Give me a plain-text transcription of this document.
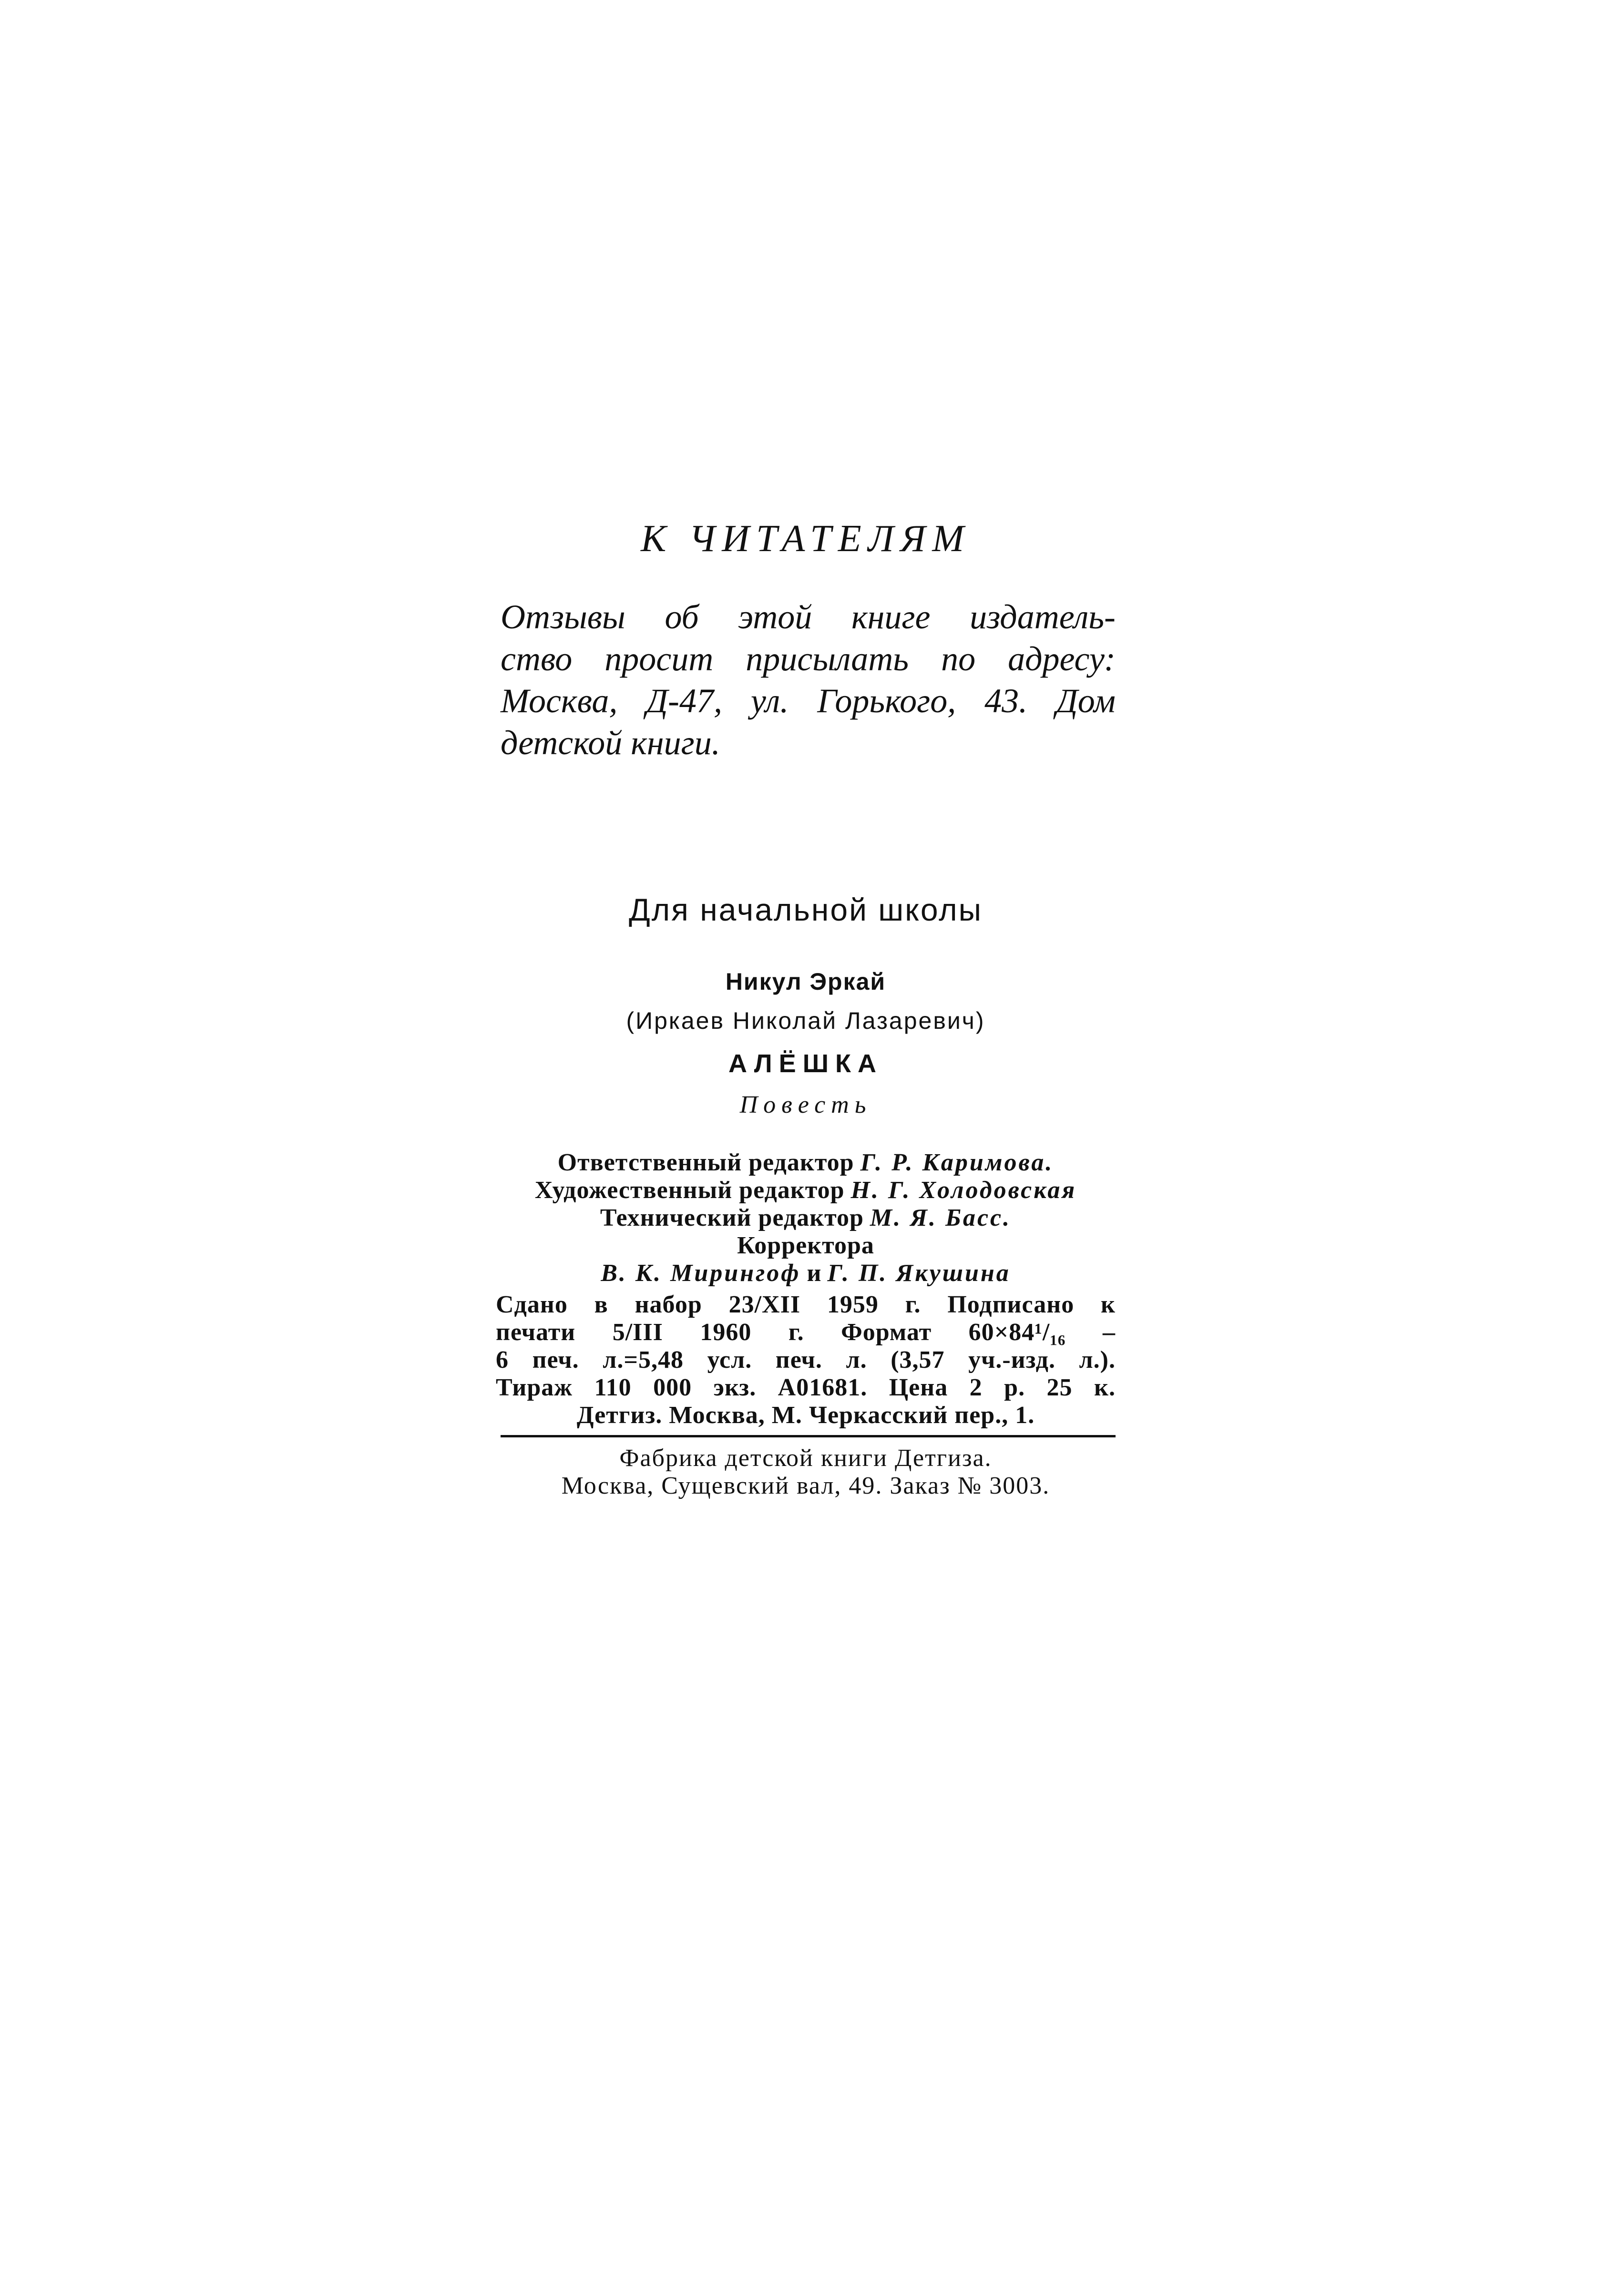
К ЧИТАТЕЛЯМ
Отзывы об этой книге издатель-
ство просит присылать по адресу:
Москва, Д-47, ул. Горького, 43. Дом
детской книги.
Для начальной школы
Никул Эркай
(Иркаев Николай Лазаревич)
АЛЁШКА
Повесть
Ответственный редактор Г. Р. Каримова.
Художественный редактор Н. Г. Холодовская
Технический редактор М. Я. Басс.
Корректора
В. К. Мирингоф и Г. П. Якушина
Сдано в набор 23/XII 1959 г. Подписано к
печати 5/III 1960 г. Формат 60×84¹/₁₆ –
6 печ. л.=5,48 усл. печ. л. (3,57 уч.-изд. л.).
Тираж 110 000 экз. А01681. Цена 2 р. 25 к.
Детгиз. Москва, М. Черкасский пер., 1.
Фабрика детской книги Детгиза.
Москва, Сущевский вал, 49. Заказ № 3003.
